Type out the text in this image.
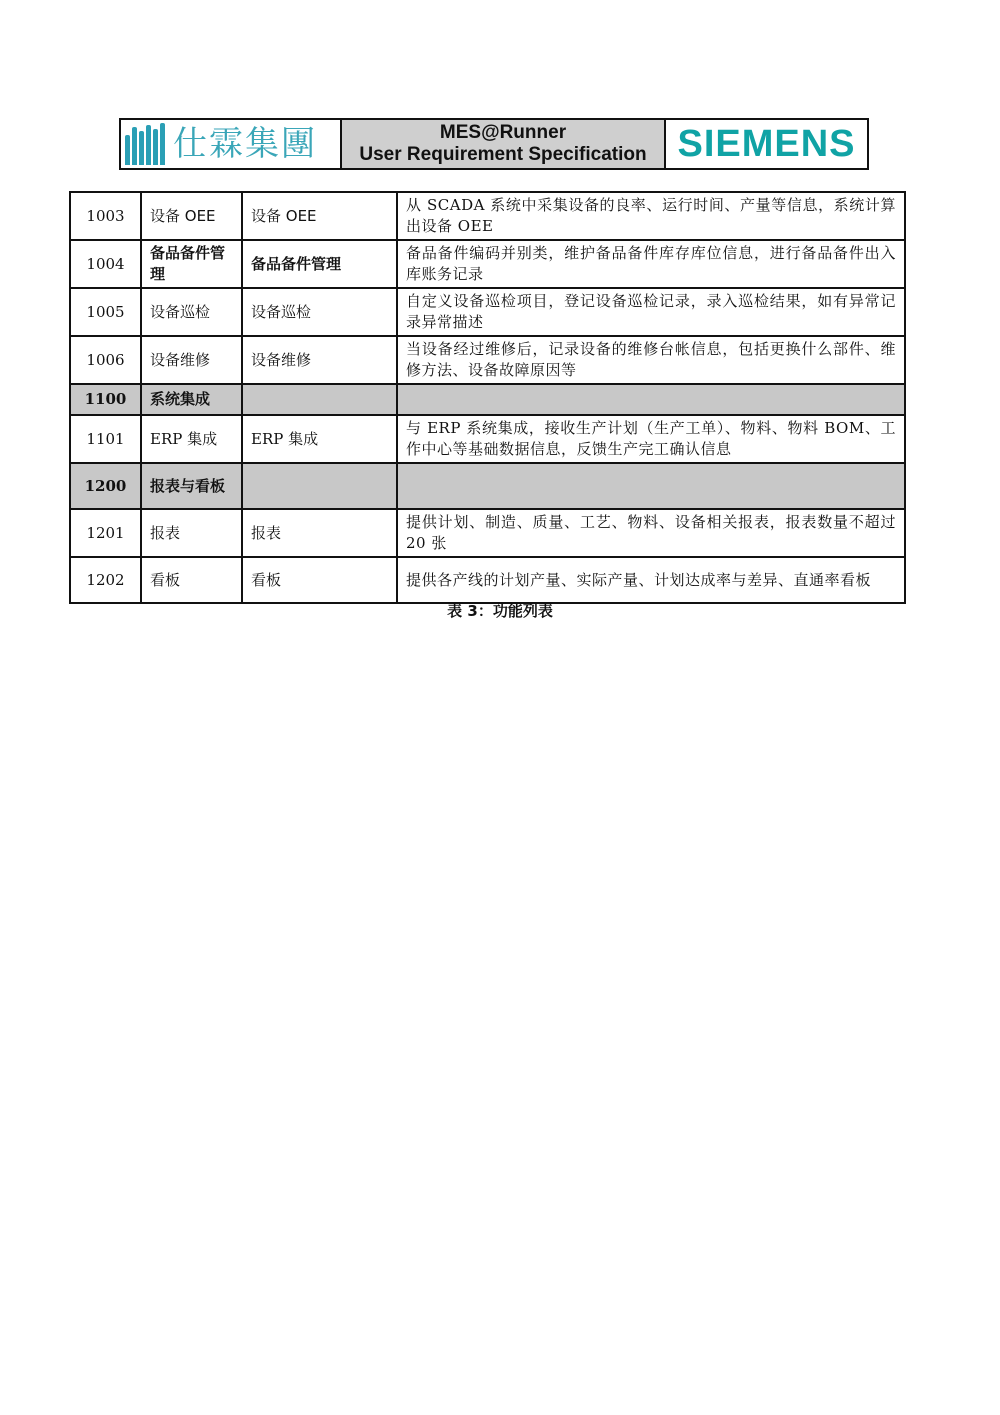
仕霖集團	MES@Runner
User Requirement Specification SIEMENS
1003	设备 OEE	设备 OEE	从 SCADA 系统中采集设备的良率、运行时间、产量等信息，系统计算出设备 OEE
1004	备品备件管理	备品备件管理	备品备件编码并别类，维护备品备件库存库位信息，进行备品备件出入库账务记录
1005	设备巡检	设备巡检	自定义设备巡检项目，登记设备巡检记录，录入巡检结果，如有异常记录异常描述
1006	设备维修	设备维修	当设备经过维修后，记录设备的维修台帐信息，包括更换什么部件、维修方法、设备故障原因等
1100	系统集成		
1101	ERP 集成	ERP 集成	与 ERP 系统集成，接收生产计划（生产工单）、物料、物料 BOM、工作中心等基础数据信息，反馈生产完工确认信息
1200	报表与看板		
1201	报表	报表	提供计划、制造、质量、工艺、物料、设备相关报表，报表数量不超过 20 张
1202	看板	看板	提供各产线的计划产量、实际产量、计划达成率与差异、直通率看板
表 3：功能列表
